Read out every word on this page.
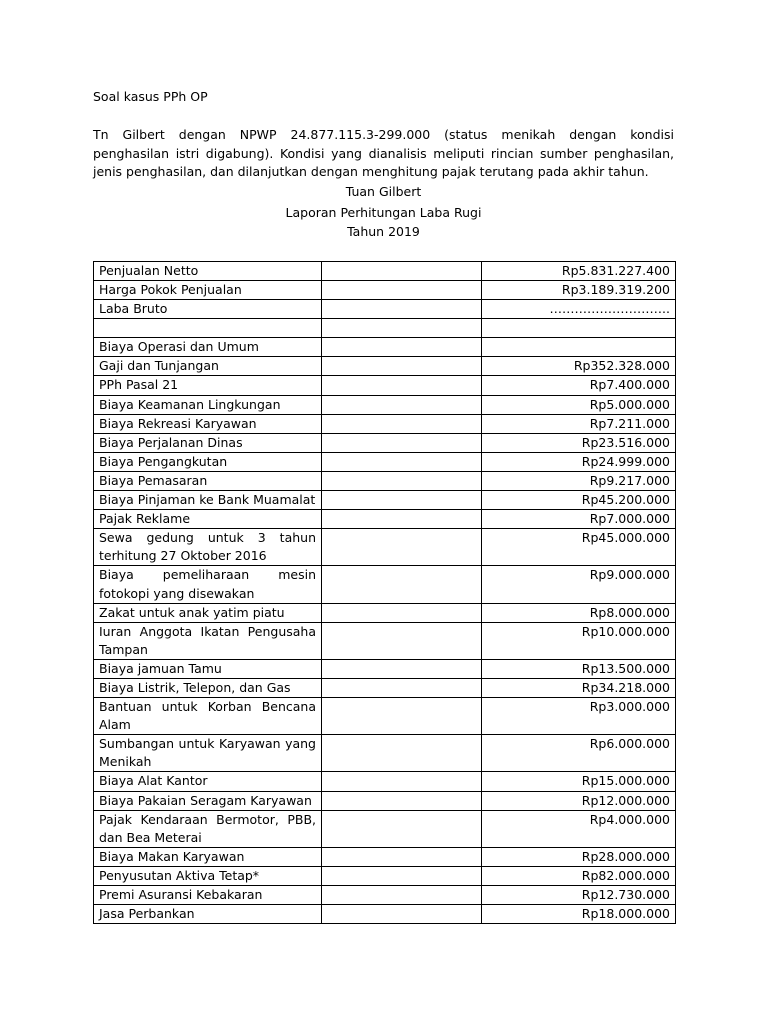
Soal kasus PPh OP
Tn Gilbert dengan NPWP 24.877.115.3-299.000 (status menikah dengan kondisi penghasilan istri digabung). Kondisi yang dianalisis meliputi rincian sumber penghasilan, jenis penghasilan, dan dilanjutkan dengan menghitung pajak terutang pada akhir tahun.
Tuan Gilbert
Laporan Perhitungan Laba Rugi
Tahun 2019
Penjualan Netto		Rp5.831.227.400
Harga Pokok Penjualan		Rp3.189.319.200
Laba Bruto		………………………..

Biaya Operasi dan Umum		
Gaji dan Tunjangan		Rp352.328.000
PPh Pasal 21		Rp7.400.000
Biaya Keamanan Lingkungan		Rp5.000.000
Biaya Rekreasi Karyawan		Rp7.211.000
Biaya Perjalanan Dinas		Rp23.516.000
Biaya Pengangkutan		Rp24.999.000
Biaya Pemasaran		Rp9.217.000
Biaya Pinjaman ke Bank Muamalat		Rp45.200.000
Pajak Reklame		Rp7.000.000
Sewa gedung untuk 3 tahun terhitung 27 Oktober 2016		Rp45.000.000
Biaya pemeliharaan mesin fotokopi yang disewakan		Rp9.000.000
Zakat untuk anak yatim piatu		Rp8.000.000
Iuran Anggota Ikatan Pengusaha Tampan		Rp10.000.000
Biaya jamuan Tamu		Rp13.500.000
Biaya Listrik, Telepon, dan Gas		Rp34.218.000
Bantuan untuk Korban Bencana Alam		Rp3.000.000
Sumbangan untuk Karyawan yang Menikah		Rp6.000.000
Biaya Alat Kantor		Rp15.000.000
Biaya Pakaian Seragam Karyawan		Rp12.000.000
Pajak Kendaraan Bermotor, PBB, dan Bea Meterai		Rp4.000.000
Biaya Makan Karyawan		Rp28.000.000
Penyusutan Aktiva Tetap*		Rp82.000.000
Premi Asuransi Kebakaran		Rp12.730.000
Jasa Perbankan		Rp18.000.000
